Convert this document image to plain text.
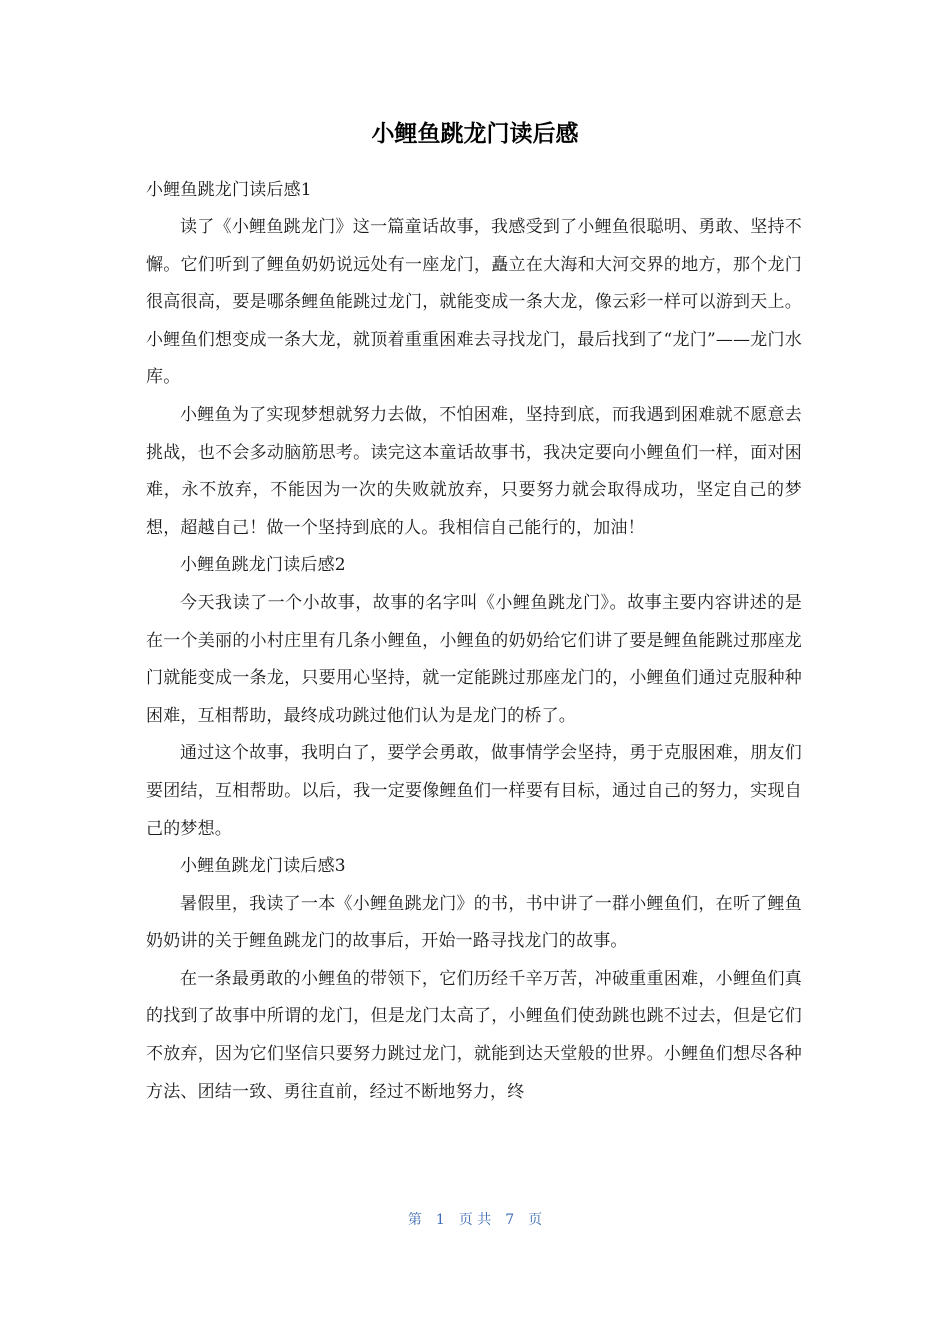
小鲤鱼跳龙门读后感

小鲤鱼跳龙门读后感1

读了《小鲤鱼跳龙门》这一篇童话故事，我感受到了小鲤鱼很聪明、勇敢、坚持不懈。它们听到了鲤鱼奶奶说远处有一座龙门，矗立在大海和大河交界的地方，那个龙门很高很高，要是哪条鲤鱼能跳过龙门，就能变成一条大龙，像云彩一样可以游到天上。小鲤鱼们想变成一条大龙，就顶着重重困难去寻找龙门，最后找到了“龙门”——龙门水库。

小鲤鱼为了实现梦想就努力去做，不怕困难，坚持到底，而我遇到困难就不愿意去挑战，也不会多动脑筋思考。读完这本童话故事书，我决定要向小鲤鱼们一样，面对困难，永不放弃，不能因为一次的失败就放弃，只要努力就会取得成功，坚定自己的梦想，超越自己！做一个坚持到底的人。我相信自己能行的，加油！

小鲤鱼跳龙门读后感2

今天我读了一个小故事，故事的名字叫《小鲤鱼跳龙门》。故事主要内容讲述的是在一个美丽的小村庄里有几条小鲤鱼，小鲤鱼的奶奶给它们讲了要是鲤鱼能跳过那座龙门就能变成一条龙，只要用心坚持，就一定能跳过那座龙门的，小鲤鱼们通过克服种种困难，互相帮助，最终成功跳过他们认为是龙门的桥了。

通过这个故事，我明白了，要学会勇敢，做事情学会坚持，勇于克服困难，朋友们要团结，互相帮助。以后，我一定要像鲤鱼们一样要有目标，通过自己的努力，实现自己的梦想。

小鲤鱼跳龙门读后感3

暑假里，我读了一本《小鲤鱼跳龙门》的书，书中讲了一群小鲤鱼们，在听了鲤鱼奶奶讲的关于鲤鱼跳龙门的故事后，开始一路寻找龙门的故事。

在一条最勇敢的小鲤鱼的带领下，它们历经千辛万苦，冲破重重困难，小鲤鱼们真的找到了故事中所谓的龙门，但是龙门太高了，小鲤鱼们使劲跳也跳不过去，但是它们不放弃，因为它们坚信只要努力跳过龙门，就能到达天堂般的世界。小鲤鱼们想尽各种方法、团结一致、勇往直前，经过不断地努力，终

第 1 页 共 7 页
